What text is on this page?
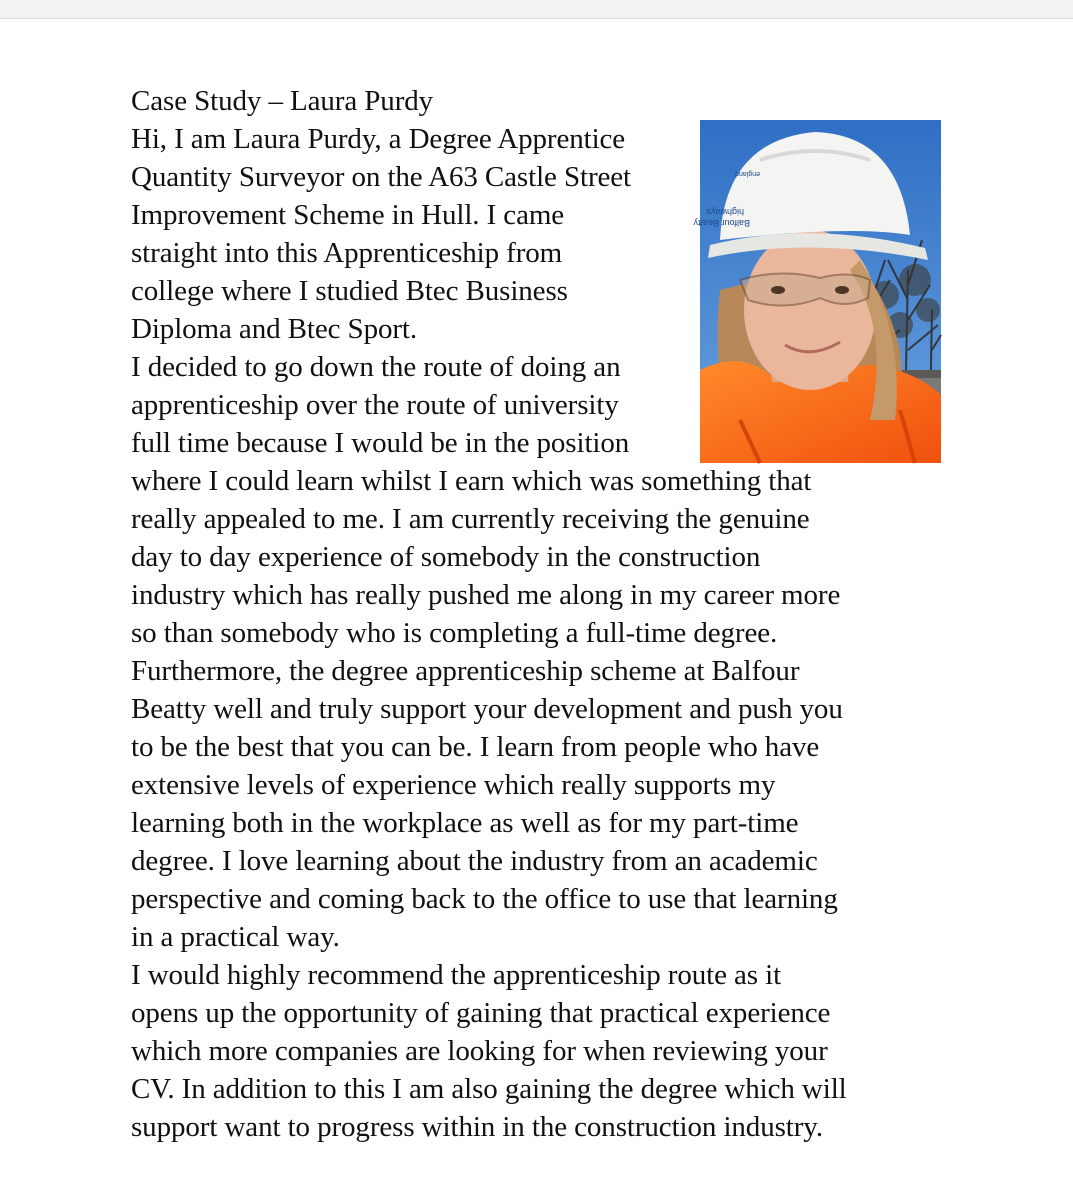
Case Study – Laura Purdy
Hi, I am Laura Purdy, a Degree Apprentice
Quantity Surveyor on the A63 Castle Street
Improvement Scheme in Hull. I came
straight into this Apprenticeship from
college where I studied Btec Business
Diploma and Btec Sport.
I decided to go down the route of doing an
apprenticeship over the route of university
full time because I would be in the position
where I could learn whilst I earn which was something that
really appealed to me. I am currently receiving the genuine
day to day experience of somebody in the construction
industry which has really pushed me along in my career more
so than somebody who is completing a full-time degree.
Furthermore, the degree apprenticeship scheme at Balfour
Beatty well and truly support your development and push you
to be the best that you can be. I learn from people who have
extensive levels of experience which really supports my
learning both in the workplace as well as for my part-time
degree. I love learning about the industry from an academic
perspective and coming back to the office to use that learning
in a practical way.
I would highly recommend the apprenticeship route as it
opens up the opportunity of gaining that practical experience
which more companies are looking for when reviewing your
CV. In addition to this I am also gaining the degree which will
support want to progress within in the construction industry.
highways
Balfour Beatty
england
